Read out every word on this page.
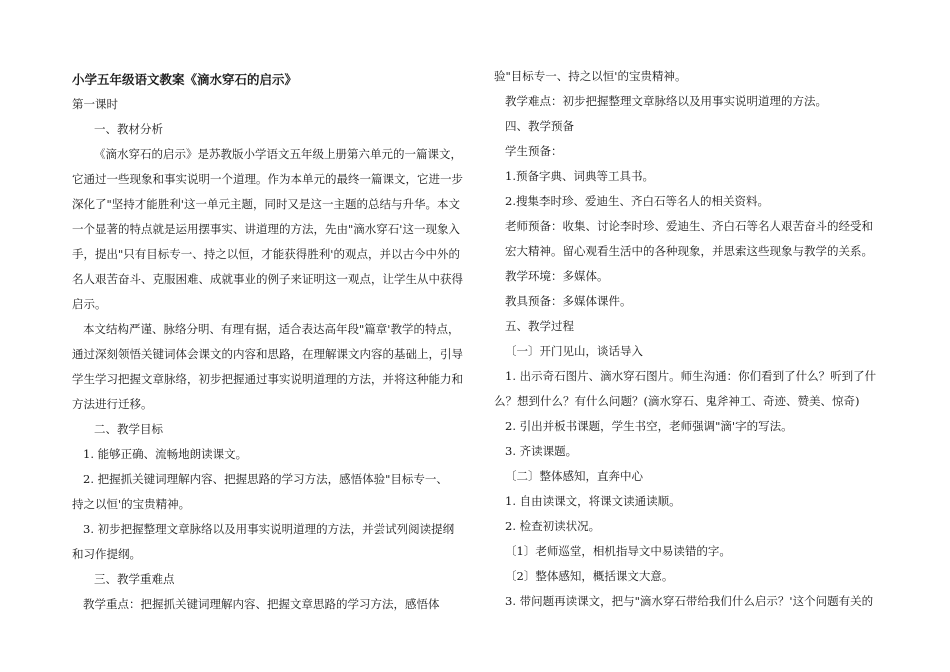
小学五年级语文教案《滴水穿石的启示》
第一课时
一、教材分析
《滴水穿石的启示》是苏教版小学语文五年级上册第六单元的一篇课文，
它通过一些现象和事实说明一个道理。作为本单元的最终一篇课文，它进一步
深化了"坚持才能胜利'这一单元主题，同时又是这一主题的总结与升华。本文
一个显著的特点就是运用摆事实、讲道理的方法，先由"滴水穿石'这一现象入
手，提出"只有目标专一、持之以恒，才能获得胜利'的观点，并以古今中外的
名人艰苦奋斗、克服困难、成就事业的例子来证明这一观点，让学生从中获得
启示。
本文结构严谨、脉络分明、有理有据，适合表达高年段"篇章'教学的特点，
通过深刻领悟关键词体会课文的内容和思路，在理解课文内容的基础上，引导
学生学习把握文章脉络，初步把握通过事实说明道理的方法，并将这种能力和
方法进行迁移。
二、教学目标
1. 能够正确、流畅地朗读课文。
2. 把握抓关键词理解内容、把握思路的学习方法，感悟体验"目标专一、
持之以恒'的宝贵精神。
3. 初步把握整理文章脉络以及用事实说明道理的方法，并尝试列阅读提纲
和习作提纲。
三、教学重难点
教学重点：把握抓关键词理解内容、把握文章思路的学习方法，感悟体
验"目标专一、持之以恒'的宝贵精神。
教学难点：初步把握整理文章脉络以及用事实说明道理的方法。
四、教学预备
学生预备：
1.预备字典、词典等工具书。
2.搜集李时珍、爱迪生、齐白石等名人的相关资料。
老师预备：收集、讨论李时珍、爱迪生、齐白石等名人艰苦奋斗的经受和
宏大精神。留心观看生活中的各种现象，并思索这些现象与教学的关系。
教学环境：多媒体。
教具预备：多媒体课件。
五、教学过程
〔一〕开门见山，谈话导入
1. 出示奇石图片、滴水穿石图片。师生沟通：你们看到了什么？听到了什
么？想到什么？有什么问题？(滴水穿石、鬼斧神工、奇迹、赞美、惊奇)
2. 引出并板书课题，学生书空，老师强调"滴'字的写法。
3. 齐读课题。
〔二〕整体感知，直奔中心
1. 自由读课文，将课文读通读顺。
2. 检查初读状况。
〔1〕老师巡堂，相机指导文中易读错的字。
〔2〕整体感知，概括课文大意。
3. 带问题再读课文，把与"滴水穿石带给我们什么启示？'这个问题有关的
